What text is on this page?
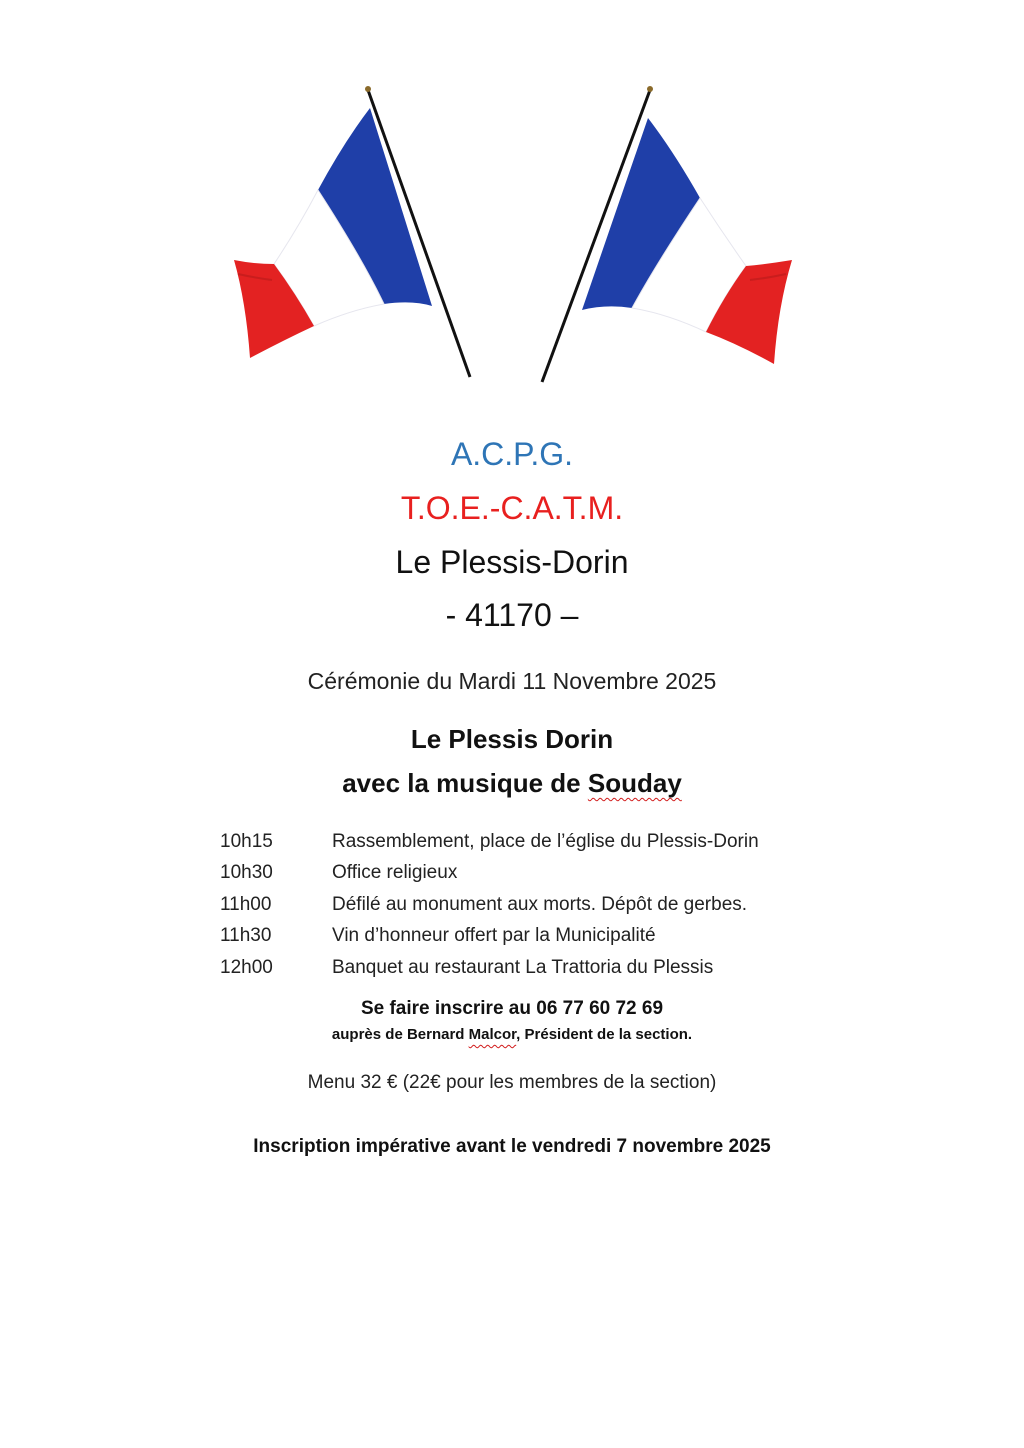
A.C.P.G.
T.O.E.-C.A.T.M.
Le Plessis-Dorin
- 41170 –
Cérémonie du Mardi 11 Novembre 2025
Le Plessis Dorin
avec la musique de Souday
10h15	Rassemblement, place de l’église du Plessis-Dorin
10h30	Office religieux
11h00	Défilé au monument aux morts. Dépôt de gerbes.
11h30	Vin d’honneur offert par la Municipalité
12h00	Banquet au restaurant La Trattoria du Plessis
Se faire inscrire au 06 77 60 72 69
auprès de Bernard Malcor, Président de la section.
Menu 32 € (22€ pour les membres de la section)
Inscription impérative avant le vendredi 7 novembre 2025
